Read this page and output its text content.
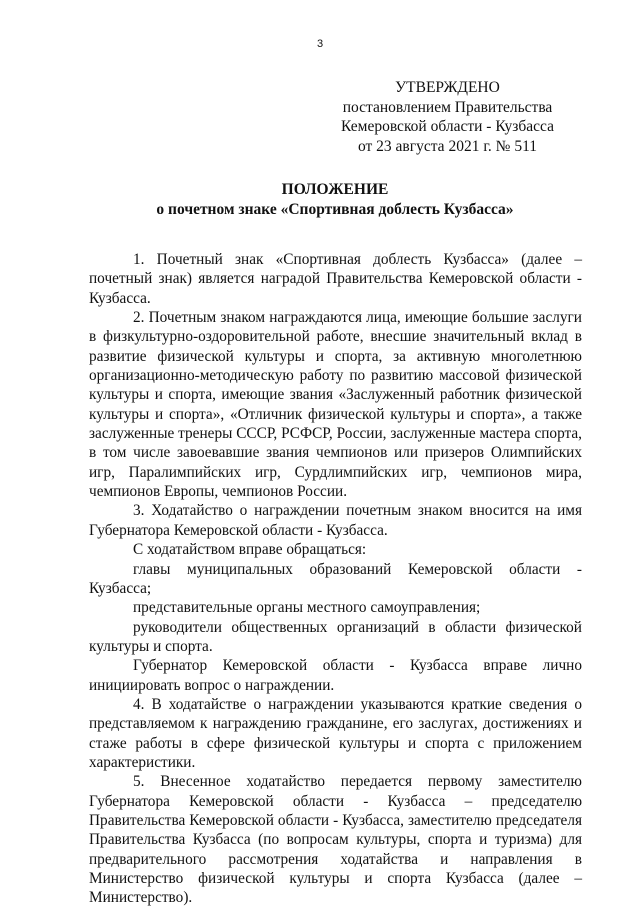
3
УТВЕРЖДЕНО
постановлением Правительства
Кемеровской области - Кузбасса
от 23 августа 2021 г. № 511
ПОЛОЖЕНИЕ
о почетном знаке «Спортивная доблесть Кузбасса»

1. Почетный знак «Спортивная доблесть Кузбасса» (далее – почетный знак) является наградой Правительства Кемеровской области - Кузбасса.

2. Почетным знаком награждаются лица, имеющие большие заслуги в физкультурно-оздоровительной работе, внесшие значительный вклад в развитие физической культуры и спорта, за активную многолетнюю организационно-методическую работу по развитию массовой физической культуры и спорта, имеющие звания «Заслуженный работник физической культуры и спорта», «Отличник физической культуры и спорта», а также заслуженные тренеры СССР, РСФСР, России, заслуженные мастера спорта, в том числе завоевавшие звания чемпионов или призеров Олимпийских игр, Паралимпийских игр, Сурдлимпийских игр, чемпионов мира, чемпионов Европы, чемпионов России.

3. Ходатайство о награждении почетным знаком вносится на имя Губернатора Кемеровской области - Кузбасса.

С ходатайством вправе обращаться:

главы муниципальных образований Кемеровской области - Кузбасса;

представительные органы местного самоуправления;

руководители общественных организаций в области физической культуры и спорта.

Губернатор Кемеровской области - Кузбасса вправе лично инициировать вопрос о награждении.

4. В ходатайстве о награждении указываются краткие сведения о представляемом к награждению гражданине, его заслугах, достижениях и стаже работы в сфере физической культуры и спорта с приложением характеристики.

5. Внесенное ходатайство передается первому заместителю Губернатора Кемеровской области - Кузбасса – председателю Правительства Кемеровской области - Кузбасса, заместителю председателя Правительства Кузбасса (по вопросам культуры, спорта и туризма) для предварительного рассмотрения ходатайства и направления в Министерство физической культуры и спорта Кузбасса (далее – Министерство).
